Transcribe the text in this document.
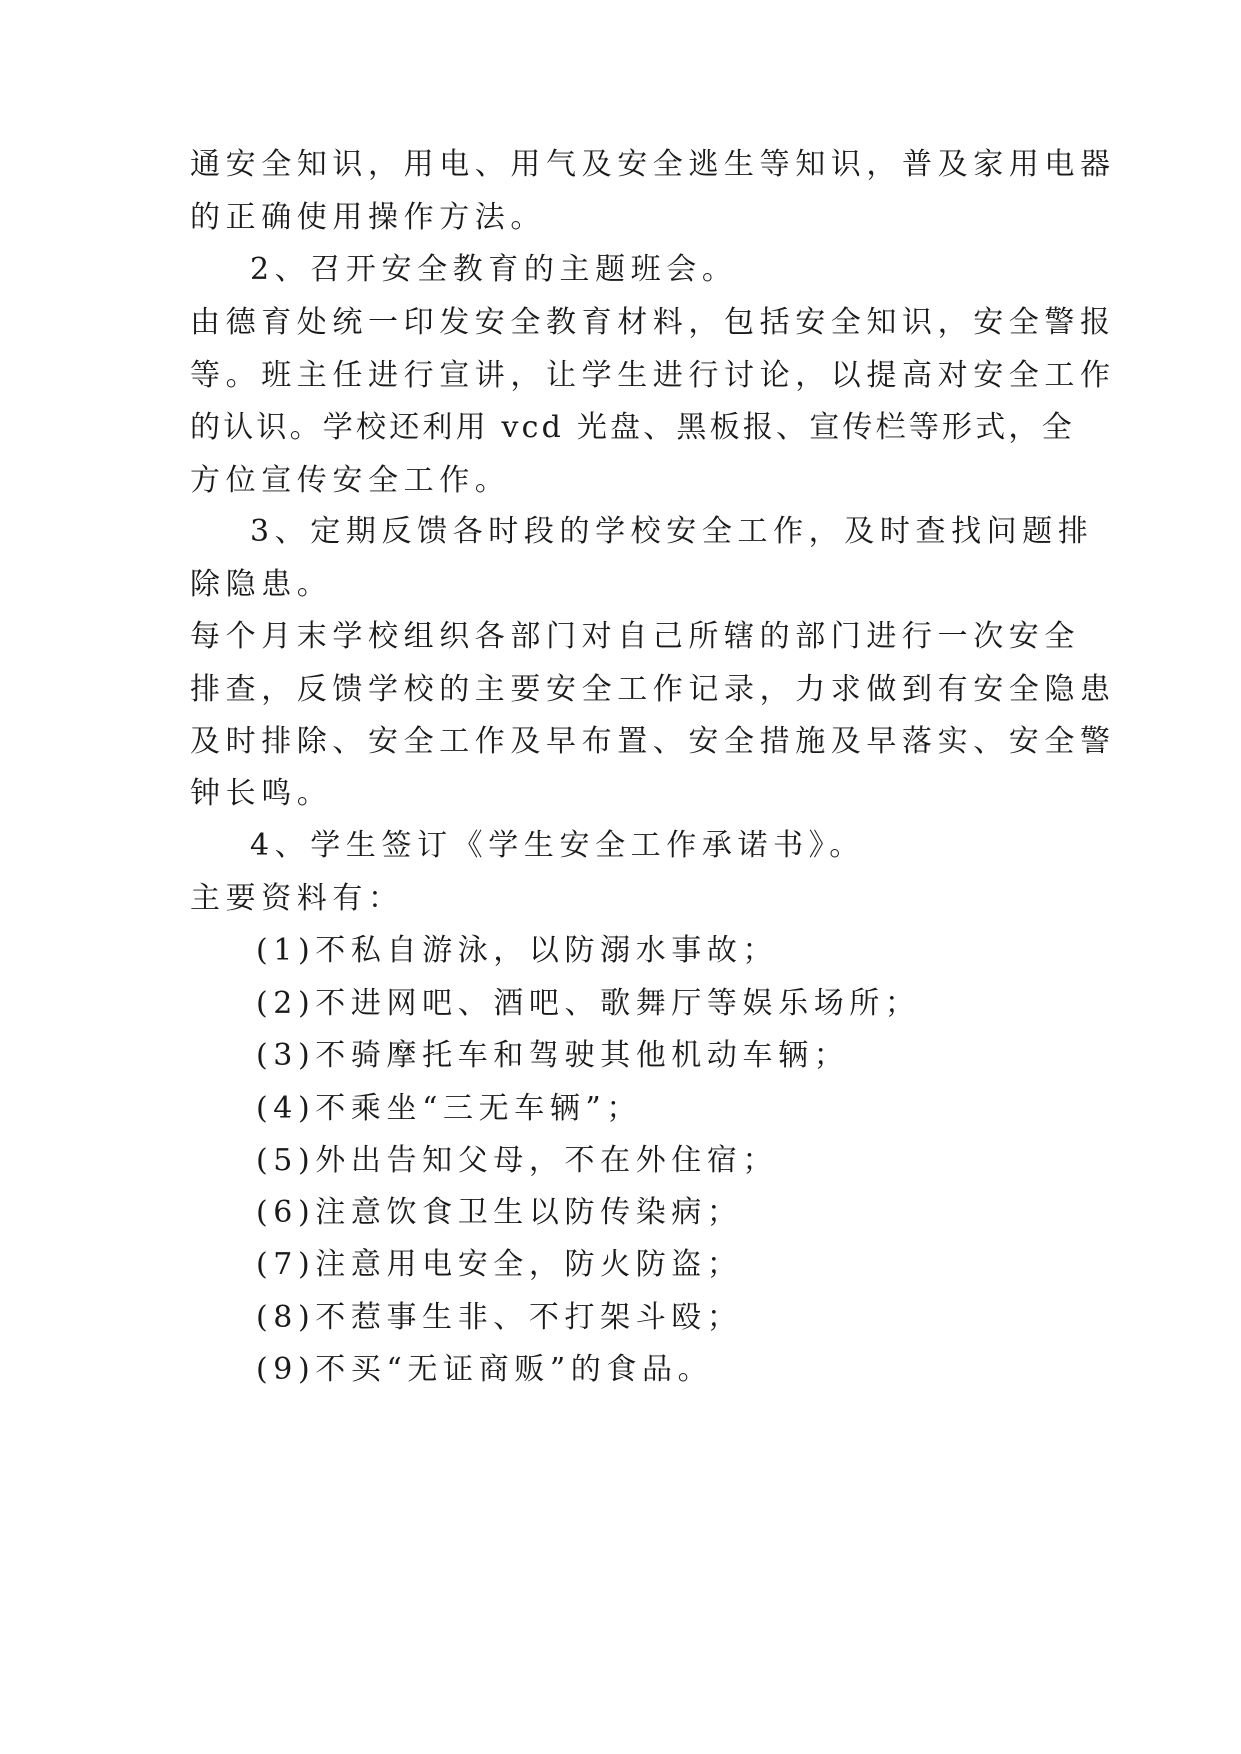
通安全知识，用电、用气及安全逃生等知识，普及家用电器
的正确使用操作方法。
2、召开安全教育的主题班会。
由德育处统一印发安全教育材料，包括安全知识，安全警报
等。班主任进行宣讲，让学生进行讨论，以提高对安全工作
的认识。学校还利用 vcd 光盘、黑板报、宣传栏等形式，全
方位宣传安全工作。
3、定期反馈各时段的学校安全工作，及时查找问题排
除隐患。
每个月末学校组织各部门对自己所辖的部门进行一次安全
排查，反馈学校的主要安全工作记录，力求做到有安全隐患
及时排除、安全工作及早布置、安全措施及早落实、安全警
钟长鸣。
4、学生签订《学生安全工作承诺书》。
主要资料有：
(1)不私自游泳，以防溺水事故；
(2)不进网吧、酒吧、歌舞厅等娱乐场所；
(3)不骑摩托车和驾驶其他机动车辆；
(4)不乘坐“三无车辆”；
(5)外出告知父母，不在外住宿；
(6)注意饮食卫生以防传染病；
(7)注意用电安全，防火防盗；
(8)不惹事生非、不打架斗殴；
(9)不买“无证商贩”的食品。
